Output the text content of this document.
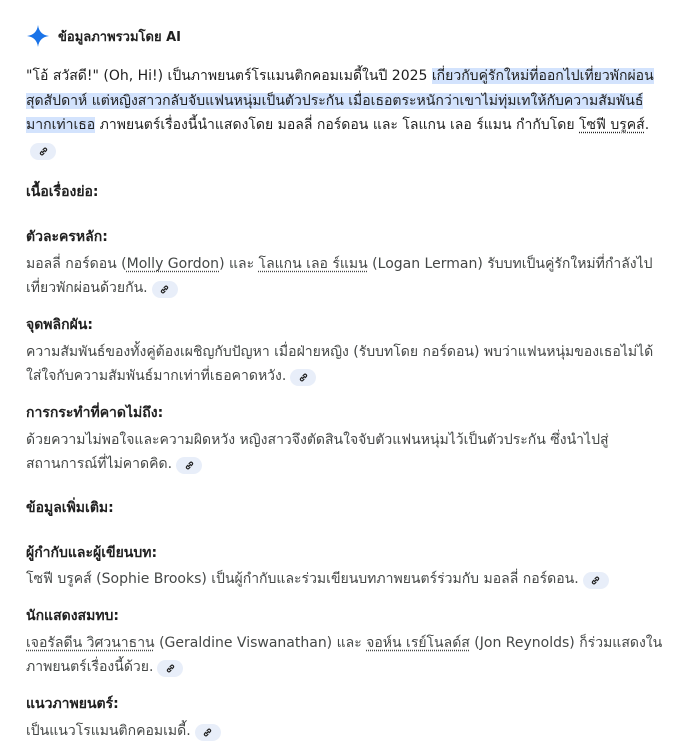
ข้อมูลภาพรวมโดย AI
"โอ้ สวัสดี!" (Oh, Hi!) เป็นภาพยนตร์โรแมนติกคอมเมดี้ในปี 2025 เกี่ยวกับคู่รักใหม่ที่ออกไปเที่ยวพักผ่อนสุดสัปดาห์ แต่หญิงสาวกลับจับแฟนหนุ่มเป็นตัวประกัน เมื่อเธอตระหนักว่าเขาไม่ทุ่มเทให้กับความสัมพันธ์มากเท่าเธอ ภาพยนตร์เรื่องนี้นำแสดงโดย มอลลี่ กอร์ดอน และ โลแกน เลอ ร์แมน กำกับโดย โซฟี บรูคส์.
เนื้อเรื่องย่อ:
ตัวละครหลัก:
มอลลี่ กอร์ดอน (Molly Gordon) และ โลแกน เลอ ร์แมน (Logan Lerman) รับบทเป็นคู่รักใหม่ที่กำลังไปเที่ยวพักผ่อนด้วยกัน.
จุดพลิกผัน:
ความสัมพันธ์ของทั้งคู่ต้องเผชิญกับปัญหา เมื่อฝ่ายหญิง (รับบทโดย กอร์ดอน) พบว่าแฟนหนุ่มของเธอไม่ได้ใส่ใจกับความสัมพันธ์มากเท่าที่เธอคาดหวัง.
การกระทำที่คาดไม่ถึง:
ด้วยความไม่พอใจและความผิดหวัง หญิงสาวจึงตัดสินใจจับตัวแฟนหนุ่มไว้เป็นตัวประกัน ซึ่งนำไปสู่สถานการณ์ที่ไม่คาดคิด.
ข้อมูลเพิ่มเติม:
ผู้กำกับและผู้เขียนบท:
โซฟี บรูคส์ (Sophie Brooks) เป็นผู้กำกับและร่วมเขียนบทภาพยนตร์ร่วมกับ มอลลี่ กอร์ดอน.
นักแสดงสมทบ:
เจอรัลดีน วิศวนาธาน (Geraldine Viswanathan) และ จอห์น เรย์โนลด์ส (Jon Reynolds) ก็ร่วมแสดงในภาพยนตร์เรื่องนี้ด้วย.
แนวภาพยนตร์:
เป็นแนวโรแมนติกคอมเมดี้.
